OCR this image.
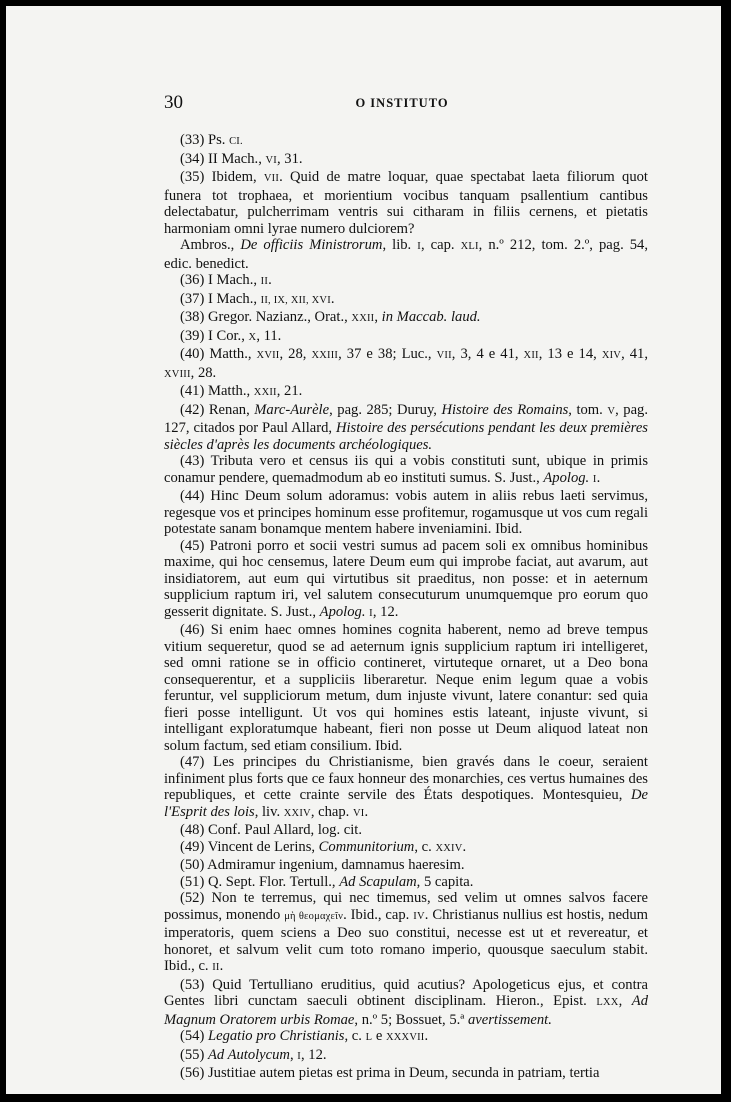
30	O INSTITUTO

(33) Ps. CI.

(34) II Mach., VI, 31.

(35) Ibidem, VII. Quid de matre loquar, quae spectabat laeta filiorum quot funera tot trophaea, et morientium vocibus tanquam psallentium cantibus delectabatur, pulcherrimam ventris sui citharam in filiis cernens, et pietatis harmoniam omni lyrae numero dulciorem?

Ambros., De officiis Ministrorum, lib. I, cap. XLI, n.º 212, tom. 2.º, pag. 54, edic. benedict.

(36) I Mach., II.

(37) I Mach., II, IX, XII, XVI.

(38) Gregor. Nazianz., Orat., XXII, in Maccab. laud.

(39) I Cor., X, 11.

(40) Matth., XVII, 28, XXIII, 37 e 38; Luc., VII, 3, 4 e 41, XII, 13 e 14, XIV, 41, XVIII, 28.

(41) Matth., XXII, 21.

(42) Renan, Marc-Aurèle, pag. 285; Duruy, Histoire des Romains, tom. V, pag. 127, citados por Paul Allard, Histoire des persécutions pendant les deux premières siècles d'après les documents archéologiques.

(43) Tributa vero et census iis qui a vobis constituti sunt, ubique in primis conamur pendere, quemadmodum ab eo instituti sumus. S. Just., Apolog. I.

(44) Hinc Deum solum adoramus: vobis autem in aliis rebus laeti servimus, regesque vos et principes hominum esse profitemur, rogamusque ut vos cum regali potestate sanam bonamque mentem habere inveniamini. Ibid.

(45) Patroni porro et socii vestri sumus ad pacem soli ex omnibus hominibus maxime, qui hoc censemus, latere Deum eum qui improbe faciat, aut avarum, aut insidiatorem, aut eum qui virtutibus sit praeditus, non posse: et in aeternum supplicium raptum iri, vel salutem consecuturum unumquemque pro eorum quo gesserit dignitate. S. Just., Apolog. I, 12.

(46) Si enim haec omnes homines cognita haberent, nemo ad breve tempus vitium sequeretur, quod se ad aeternum ignis supplicium raptum iri intelligeret, sed omni ratione se in officio contineret, virtuteque ornaret, ut a Deo bona consequerentur, et a suppliciis liberaretur. Neque enim legum quae a vobis feruntur, vel suppliciorum metum, dum injuste vivunt, latere conantur: sed quia fieri posse intelligunt. Ut vos qui homines estis lateant, injuste vivunt, si intelligant exploratumque habeant, fieri non posse ut Deum aliquod lateat non solum factum, sed etiam consilium. Ibid.

(47) Les principes du Christianisme, bien gravés dans le coeur, seraient infiniment plus forts que ce faux honneur des monarchies, ces vertus humaines des republiques, et cette crainte servile des États despotiques. Montesquieu, De l'Esprit des lois, liv. XXIV, chap. VI.

(48) Conf. Paul Allard, log. cit.

(49) Vincent de Lerins, Communitorium, c. XXIV.

(50) Admiramur ingenium, damnamus haeresim.

(51) Q. Sept. Flor. Tertull., Ad Scapulam, 5 capita.

(52) Non te terremus, qui nec timemus, sed velim ut omnes salvos facere possimus, monendo μὴ θεομαχεῖν. Ibid., cap. IV. Christianus nullius est hostis, nedum imperatoris, quem sciens a Deo suo constitui, necesse est ut et revereatur, et honoret, et salvum velit cum toto romano imperio, quousque saeculum stabit. Ibid., c. II.

(53) Quid Tertulliano eruditius, quid acutius? Apologeticus ejus, et contra Gentes libri cunctam saeculi obtinent disciplinam. Hieron., Epist. LXX, Ad Magnum Oratorem urbis Romae, n.º 5; Bossuet, 5.ª avertissement.

(54) Legatio pro Christianis, c. L e XXXVII.

(55) Ad Autolycum, I, 12.

(56) Justitiae autem pietas est prima in Deum, secunda in patriam, tertia
